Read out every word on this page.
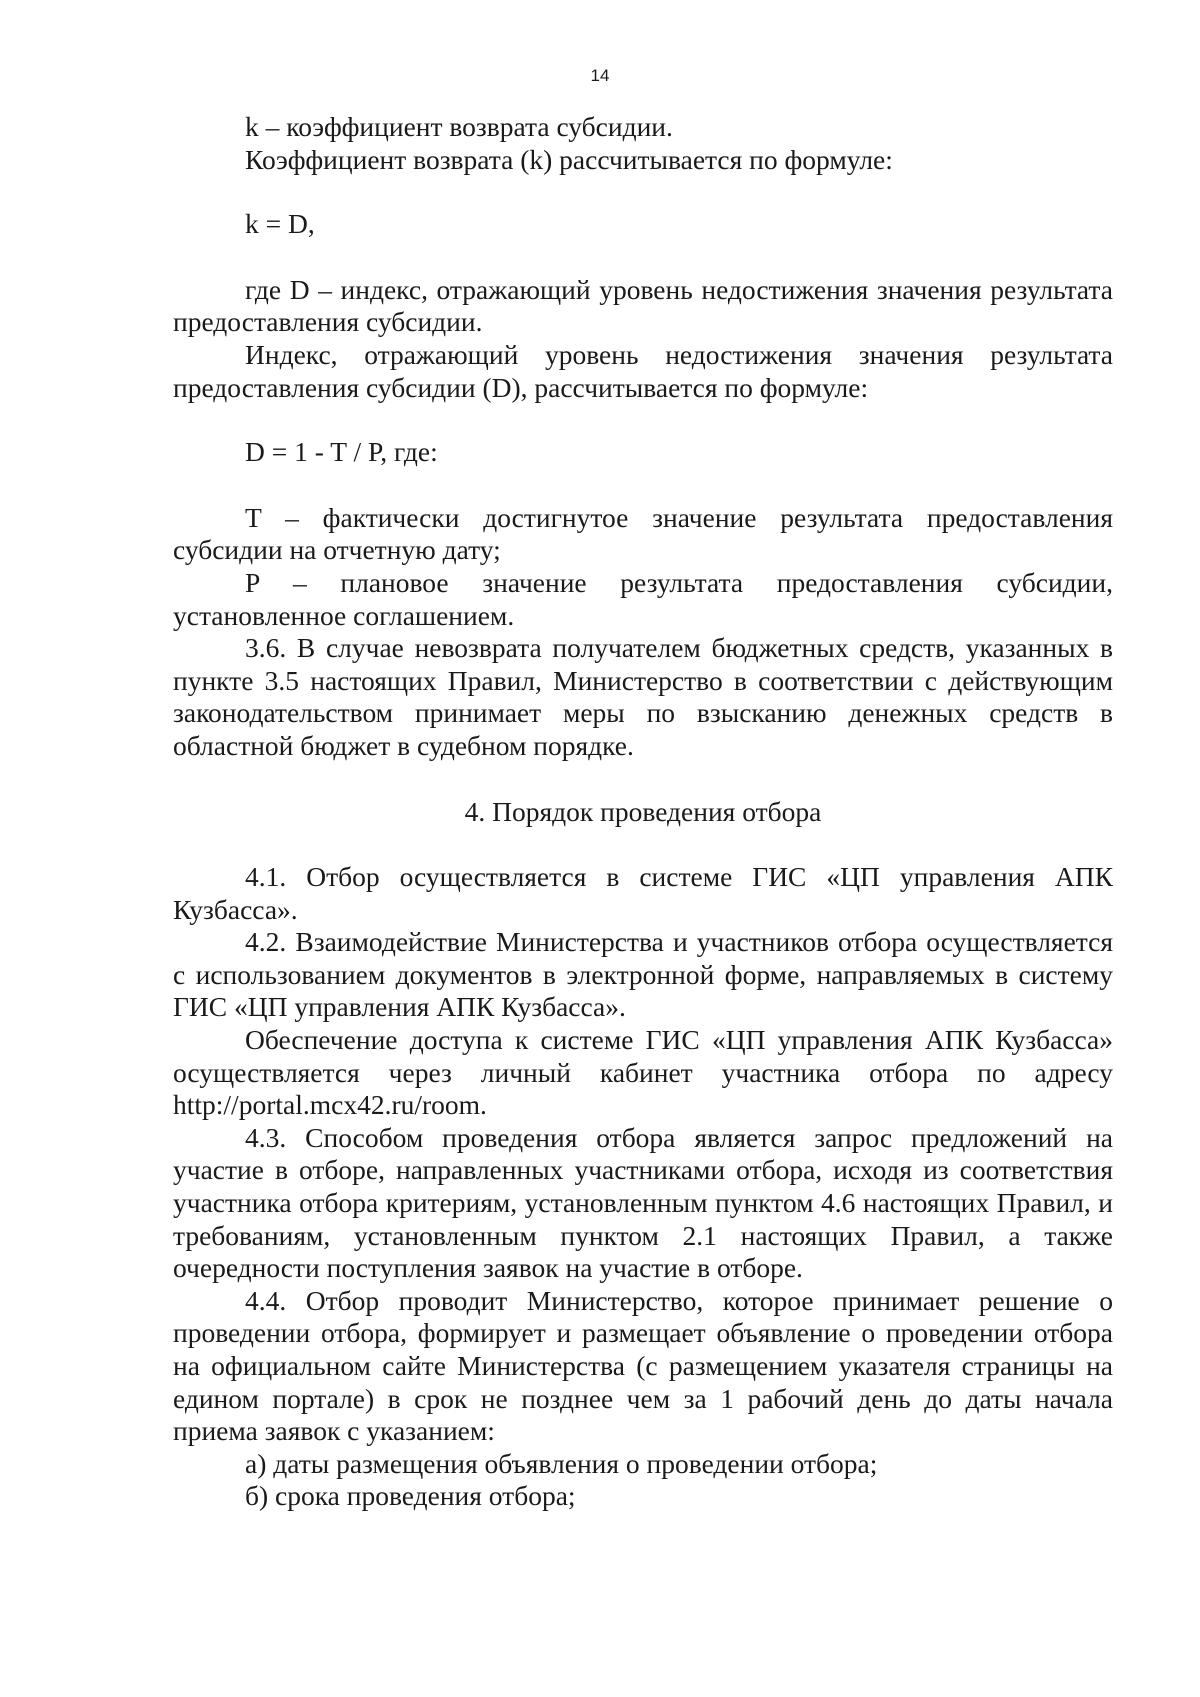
14

k – коэффициент возврата субсидии.

Коэффициент возврата (k) рассчитывается по формуле:

k = D,

где D – индекс, отражающий уровень недостижения значения результата предоставления субсидии.

Индекс, отражающий уровень недостижения значения результата предоставления субсидии (D), рассчитывается по формуле:

D = 1 - T / P, где:

T – фактически достигнутое значение результата предоставления субсидии на отчетную дату;

P – плановое значение результата предоставления субсидии, установленное соглашением.

3.6. В случае невозврата получателем бюджетных средств, указанных в пункте 3.5 настоящих Правил, Министерство в соответствии с действующим законодательством принимает меры по взысканию денежных средств в областной бюджет в судебном порядке.

4. Порядок проведения отбора

4.1. Отбор осуществляется в системе ГИС «ЦП управления АПК Кузбасса».

4.2. Взаимодействие Министерства и участников отбора осуществляется с использованием документов в электронной форме, направляемых в систему ГИС «ЦП управления АПК Кузбасса».

Обеспечение доступа к системе ГИС «ЦП управления АПК Кузбасса» осуществляется через личный кабинет участника отбора по адресу http://portal.mcx42.ru/room.

4.3. Способом проведения отбора является запрос предложений на участие в отборе, направленных участниками отбора, исходя из соответствия участника отбора критериям, установленным пунктом 4.6 настоящих Правил, и требованиям, установленным пунктом 2.1 настоящих Правил, а также очередности поступления заявок на участие в отборе.

4.4. Отбор проводит Министерство, которое принимает решение о проведении отбора, формирует и размещает объявление о проведении отбора на официальном сайте Министерства (с размещением указателя страницы на едином портале) в срок не позднее чем за 1 рабочий день до даты начала приема заявок с указанием:

а) даты размещения объявления о проведении отбора;

б) срока проведения отбора;
